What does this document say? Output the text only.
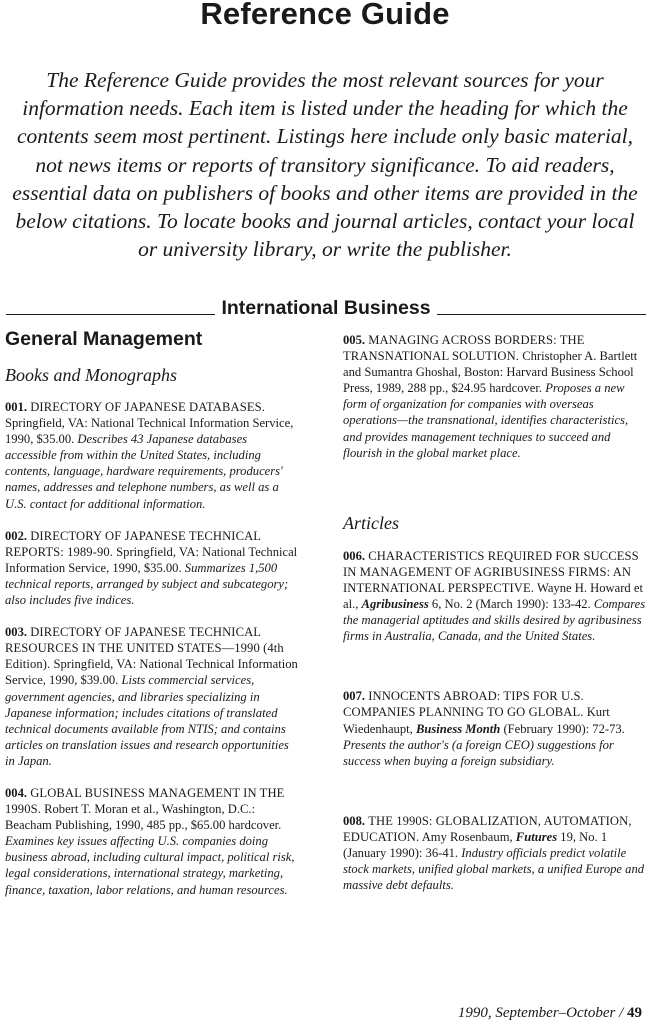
Reference Guide

The Reference Guide provides the most relevant sources for your information needs. Each item is listed under the heading for which the contents seem most pertinent. Listings here include only basic material, not news items or reports of transitory significance. To aid readers, essential data on publishers of books and other items are provided in the below citations. To locate books and journal articles, contact your local or university library, or write the publisher.

International Business
General Management
Books and Monographs

001. DIRECTORY OF JAPANESE DATABASES. Springfield, VA: National Technical Information Service, 1990, $35.00. Describes 43 Japanese databases accessible from within the United States, including contents, language, hardware requirements, producers' names, addresses and telephone numbers, as well as a U.S. contact for additional information.

002. DIRECTORY OF JAPANESE TECHNICAL REPORTS: 1989-90. Springfield, VA: National Technical Information Service, 1990, $35.00. Summarizes 1,500 technical reports, arranged by subject and subcategory; also includes five indices.

003. DIRECTORY OF JAPANESE TECHNICAL RESOURCES IN THE UNITED STATES—1990 (4th Edition). Springfield, VA: National Technical Information Service, 1990, $39.00. Lists commercial services, government agencies, and libraries specializing in Japanese information; includes citations of translated technical documents available from NTIS; and contains articles on translation issues and research opportunities in Japan.

004. GLOBAL BUSINESS MANAGEMENT IN THE 1990S. Robert T. Moran et al., Washington, D.C.: Beacham Publishing, 1990, 485 pp., $65.00 hardcover. Examines key issues affecting U.S. companies doing business abroad, including cultural impact, political risk, legal considerations, international strategy, marketing, finance, taxation, labor relations, and human resources.

005. MANAGING ACROSS BORDERS: THE TRANSNATIONAL SOLUTION. Christopher A. Bartlett and Sumantra Ghoshal, Boston: Harvard Business School Press, 1989, 288 pp., $24.95 hardcover. Proposes a new form of organization for companies with overseas operations—the transnational, identifies characteristics, and provides management techniques to succeed and flourish in the global market place.

Articles

006. CHARACTERISTICS REQUIRED FOR SUCCESS IN MANAGEMENT OF AGRIBUSINESS FIRMS: AN INTERNATIONAL PERSPECTIVE. Wayne H. Howard et al., Agribusiness 6, No. 2 (March 1990): 133-42. Compares the managerial aptitudes and skills desired by agribusiness firms in Australia, Canada, and the United States.

007. INNOCENTS ABROAD: TIPS FOR U.S. COMPANIES PLANNING TO GO GLOBAL. Kurt Wiedenhaupt, Business Month (February 1990): 72-73. Presents the author's (a foreign CEO) suggestions for success when buying a foreign subsidiary.

008. THE 1990S: GLOBALIZATION, AUTOMATION, EDUCATION. Amy Rosenbaum, Futures 19, No. 1 (January 1990): 36-41. Industry officials predict volatile stock markets, unified global markets, a unified Europe and massive debt defaults.

1990, September–October / 49
